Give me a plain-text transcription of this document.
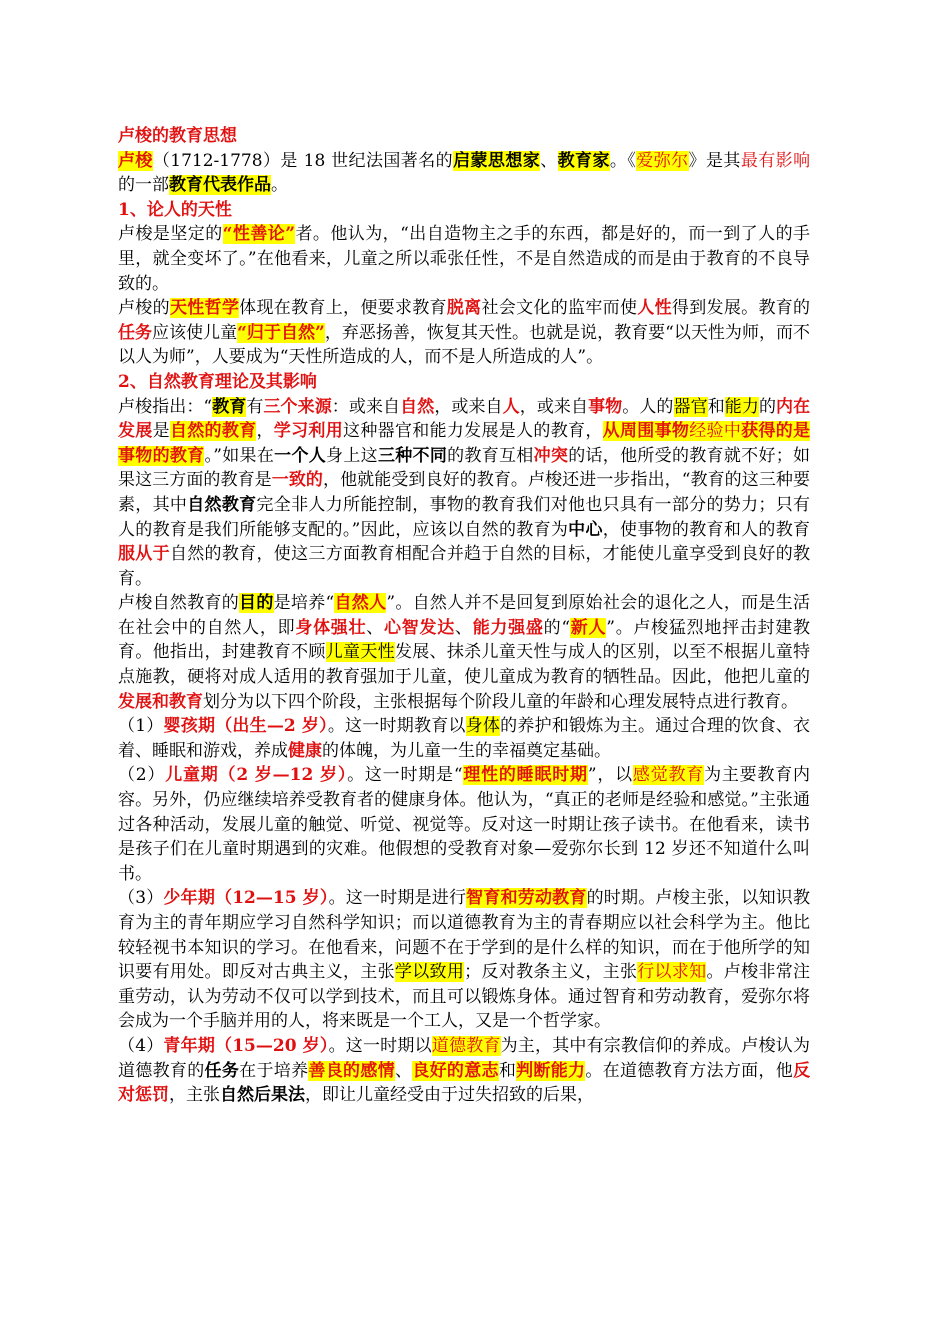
卢梭的教育思想

卢梭（1712-1778）是 18 世纪法国著名的启蒙思想家、教育家。《爱弥尔》是其最有影响的一部教育代表作品。

1、论人的天性

卢梭是坚定的“性善论”者。他认为，“出自造物主之手的东西，都是好的，而一到了人的手里，就全变坏了。”在他看来，儿童之所以乖张任性，不是自然造成的而是由于教育的不良导致的。

卢梭的天性哲学体现在教育上，便要求教育脱离社会文化的监牢而使人性得到发展。教育的任务应该使儿童“归于自然”，弃恶扬善，恢复其天性。也就是说，教育要“以天性为师，而不以人为师”，人要成为“天性所造成的人，而不是人所造成的人”。

2、自然教育理论及其影响

卢梭指出：“教育有三个来源：或来自自然，或来自人，或来自事物。人的器官和能力的内在发展是自然的教育，学习利用这种器官和能力发展是人的教育，从周围事物经验中获得的是事物的教育。”如果在一个人身上这三种不同的教育互相冲突的话，他所受的教育就不好；如果这三方面的教育是一致的，他就能受到良好的教育。卢梭还进一步指出，“教育的这三种要素，其中自然教育完全非人力所能控制，事物的教育我们对他也只具有一部分的势力；只有人的教育是我们所能够支配的。”因此，应该以自然的教育为中心，使事物的教育和人的教育服从于自然的教育，使这三方面教育相配合并趋于自然的目标，才能使儿童享受到良好的教育。

卢梭自然教育的目的是培养“自然人”。自然人并不是回复到原始社会的退化之人，而是生活在社会中的自然人，即身体强壮、心智发达、能力强盛的“新人”。卢梭猛烈地抨击封建教育。他指出，封建教育不顾儿童天性发展、抹杀儿童天性与成人的区别，以至不根据儿童特点施教，硬将对成人适用的教育强加于儿童，使儿童成为教育的牺牲品。因此，他把儿童的发展和教育划分为以下四个阶段，主张根据每个阶段儿童的年龄和心理发展特点进行教育。

（1）婴孩期（出生—2 岁）。这一时期教育以身体的养护和锻炼为主。通过合理的饮食、衣着、睡眠和游戏，养成健康的体魄，为儿童一生的幸福奠定基础。

（2）儿童期（2 岁—12 岁）。这一时期是“理性的睡眠时期”，以感觉教育为主要教育内容。另外，仍应继续培养受教育者的健康身体。他认为，“真正的老师是经验和感觉。”主张通过各种活动，发展儿童的触觉、听觉、视觉等。反对这一时期让孩子读书。在他看来，读书是孩子们在儿童时期遇到的灾难。他假想的受教育对象—爱弥尔长到 12 岁还不知道什么叫书。

（3）少年期（12—15 岁）。这一时期是进行智育和劳动教育的时期。卢梭主张，以知识教育为主的青年期应学习自然科学知识；而以道德教育为主的青春期应以社会科学为主。他比较轻视书本知识的学习。在他看来，问题不在于学到的是什么样的知识，而在于他所学的知识要有用处。即反对古典主义，主张学以致用；反对教条主义，主张行以求知。卢梭非常注重劳动，认为劳动不仅可以学到技术，而且可以锻炼身体。通过智育和劳动教育，爱弥尔将会成为一个手脑并用的人，将来既是一个工人，又是一个哲学家。

（4）青年期（15—20 岁）。这一时期以道德教育为主，其中有宗教信仰的养成。卢梭认为道德教育的任务在于培养善良的感情、良好的意志和判断能力。在道德教育方法方面，他反对惩罚，主张自然后果法，即让儿童经受由于过失招致的后果，
